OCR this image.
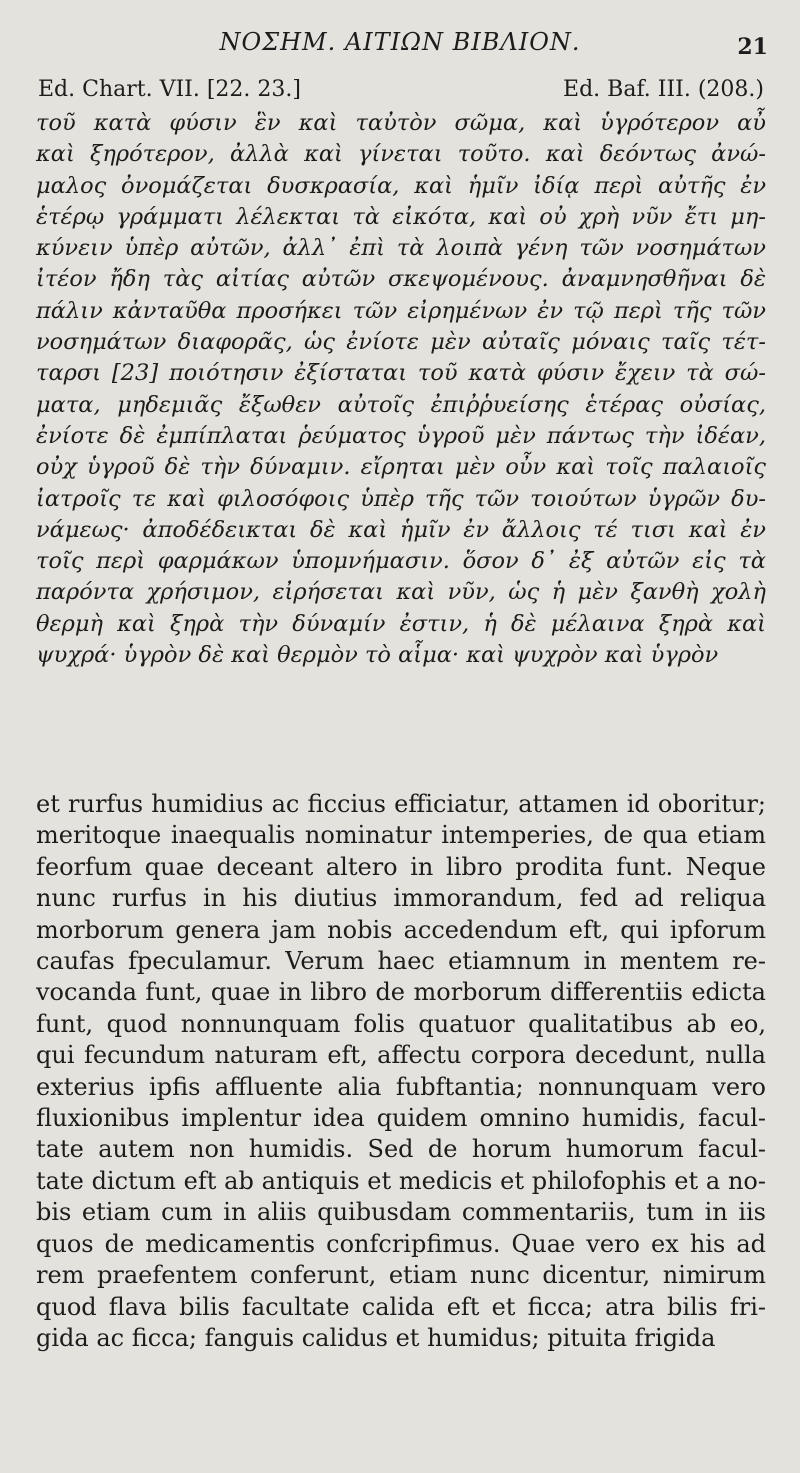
ΝΟΣΗΜ. ΑΙΤΙΩΝ ΒΙΒΛΙΟΝ.	21
Ed. Chart. VII. [22. 23.]	Ed. Baf. III. (208.)
τοῦ κατὰ φύσιν ἓν καὶ ταὐτὸν σῶμα, καὶ ὑγρότερον αὖ
καὶ ξηρότερον, ἀλλὰ καὶ γίνεται τοῦτο. καὶ δεόντως ἀνώ-
μαλος ὀνομάζεται δυσκρασία, καὶ ἡμῖν ἰδίᾳ περὶ αὐτῆς ἐν
ἑτέρῳ γράμματι λέλεκται τὰ εἰκότα, καὶ οὐ χρὴ νῦν ἔτι μη-
κύνειν ὑπὲρ αὐτῶν, ἀλλ᾽ ἐπὶ τὰ λοιπὰ γένη τῶν νοσημάτων
ἰτέον ἤδη τὰς αἰτίας αὐτῶν σκεψομένους. ἀναμνησθῆναι δὲ
πάλιν κἀνταῦθα προσήκει τῶν εἰρημένων ἐν τῷ περὶ τῆς τῶν
νοσημάτων διαφορᾶς, ὡς ἐνίοτε μὲν αὐταῖς μόναις ταῖς τέτ-
ταρσι [23] ποιότησιν ἐξίσταται τοῦ κατὰ φύσιν ἔχειν τὰ σώ-
ματα, μηδεμιᾶς ἔξωθεν αὐτοῖς ἐπιῤῥυείσης ἑτέρας οὐσίας,
ἐνίοτε δὲ ἐμπίπλαται ῥεύματος ὑγροῦ μὲν πάντως τὴν ἰδέαν,
οὐχ ὑγροῦ δὲ τὴν δύναμιν. εἴρηται μὲν οὖν καὶ τοῖς παλαιοῖς
ἰατροῖς τε καὶ φιλοσόφοις ὑπὲρ τῆς τῶν τοιούτων ὑγρῶν δυ-
νάμεως· ἀποδέδεικται δὲ καὶ ἡμῖν ἐν ἄλλοις τέ τισι καὶ ἐν
τοῖς περὶ φαρμάκων ὑπομνήμασιν. ὅσον δ᾽ ἐξ αὐτῶν εἰς τὰ
παρόντα χρήσιμον, εἰρήσεται καὶ νῦν, ὡς ἡ μὲν ξανθὴ χολὴ
θερμὴ καὶ ξηρὰ τὴν δύναμίν ἐστιν, ἡ δὲ μέλαινα ξηρὰ καὶ
ψυχρά· ὑγρὸν δὲ καὶ θερμὸν τὸ αἷμα· καὶ ψυχρὸν καὶ ὑγρὸν
et rurfus humidius ac ficcius efficiatur, attamen id oboritur;
meritoque inaequalis nominatur intemperies, de qua etiam
feorfum quae deceant altero in libro prodita funt. Neque
nunc rurfus in his diutius immorandum, fed ad reliqua
morborum genera jam nobis accedendum eft, qui ipforum
caufas fpeculamur. Verum haec etiamnum in mentem re-
vocanda funt, quae in libro de morborum differentiis edicta
funt, quod nonnunquam folis quatuor qualitatibus ab eo,
qui fecundum naturam eft, affectu corpora decedunt, nulla
exterius ipfis affluente alia fubftantia; nonnunquam vero
fluxionibus implentur idea quidem omnino humidis, facul-
tate autem non humidis. Sed de horum humorum facul-
tate dictum eft ab antiquis et medicis et philofophis et a no-
bis etiam cum in aliis quibusdam commentariis, tum in iis
quos de medicamentis confcripfimus. Quae vero ex his ad
rem praefentem conferunt, etiam nunc dicentur, nimirum
quod flava bilis facultate calida eft et ficca; atra bilis fri-
gida ac ficca; fanguis calidus et humidus; pituita frigida
